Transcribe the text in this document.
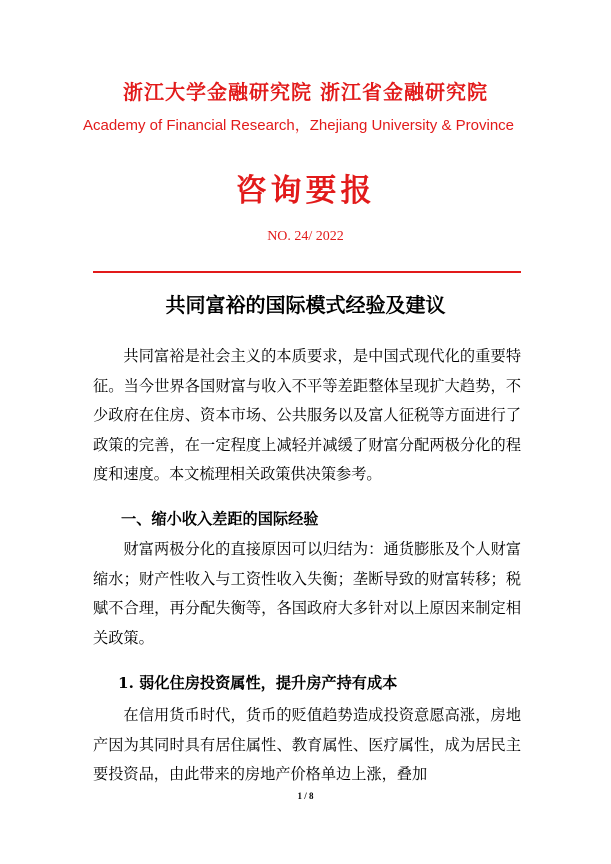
浙江大学金融研究院 浙江省金融研究院
Academy of Financial Research，Zhejiang University & Province
咨询要报
NO. 24/ 2022
共同富裕的国际模式经验及建议

共同富裕是社会主义的本质要求，是中国式现代化的重要特征。当今世界各国财富与收入不平等差距整体呈现扩大趋势，不少政府在住房、资本市场、公共服务以及富人征税等方面进行了政策的完善，在一定程度上减轻并减缓了财富分配两极分化的程度和速度。本文梳理相关政策供决策参考。

一、缩小收入差距的国际经验

财富两极分化的直接原因可以归结为：通货膨胀及个人财富缩水；财产性收入与工资性收入失衡；垄断导致的财富转移；税赋不合理，再分配失衡等，各国政府大多针对以上原因来制定相关政策。

1. 弱化住房投资属性，提升房产持有成本

在信用货币时代，货币的贬值趋势造成投资意愿高涨，房地产因为其同时具有居住属性、教育属性、医疗属性，成为居民主要投资品，由此带来的房地产价格单边上涨，叠加

1 / 8
